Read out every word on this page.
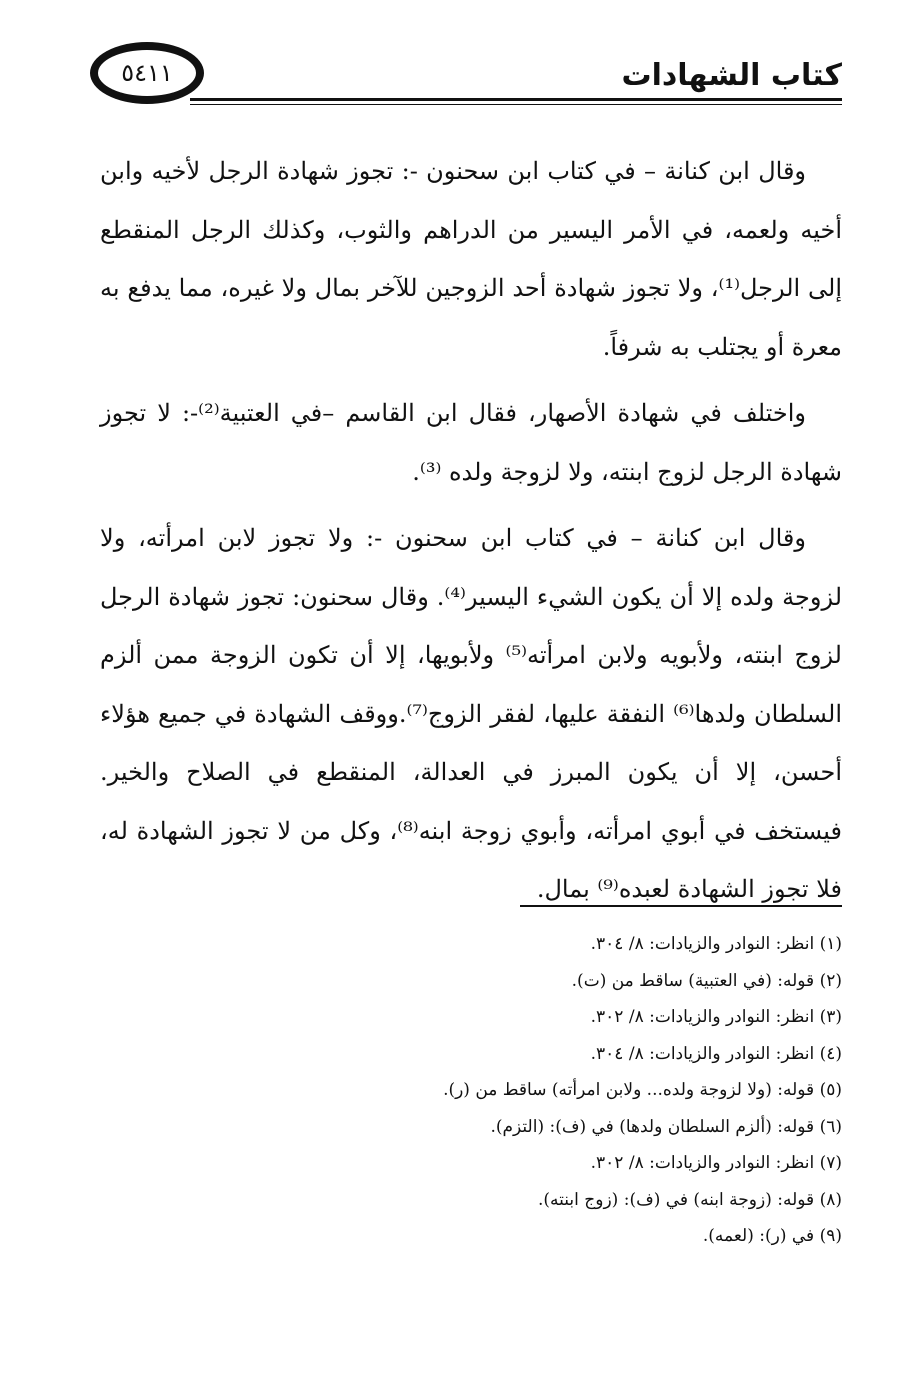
كتاب الشهادات
٥٤١١

وقال ابن كنانة – في كتاب ابن سحنون -: تجوز شهادة الرجل لأخيه وابن أخيه ولعمه، في الأمر اليسير من الدراهم والثوب، وكذلك الرجل المنقطع إلى الرجل⁽¹⁾، ولا تجوز شهادة أحد الزوجين للآخر بمال ولا غيره، مما يدفع به معرة أو يجتلب به شرفاً.

واختلف في شهادة الأصهار، فقال ابن القاسم –في العتبية⁽²⁾-: لا تجوز شهادة الرجل لزوج ابنته، ولا لزوجة ولده ⁽³⁾.

وقال ابن كنانة – في كتاب ابن سحنون -: ولا تجوز لابن امرأته، ولا لزوجة ولده إلا أن يكون الشيء اليسير⁽⁴⁾. وقال سحنون: تجوز شهادة الرجل لزوج ابنته، ولأبويه ولابن امرأته⁽⁵⁾ ولأبويها، إلا أن تكون الزوجة ممن ألزم السلطان ولدها⁽⁶⁾ النفقة عليها، لفقر الزوج⁽⁷⁾.ووقف الشهادة في جميع هؤلاء أحسن، إلا أن يكون المبرز في العدالة، المنقطع في الصلاح والخير. فيستخف في أبوي امرأته، وأبوي زوجة ابنه⁽⁸⁾، وكل من لا تجوز الشهادة له، فلا تجوز الشهادة لعبده⁽⁹⁾ بمال.

(١) انظر: النوادر والزيادات: ٨/ ٣٠٤.
(٢) قوله: (في العتبية) ساقط من (ت).
(٣) انظر: النوادر والزيادات: ٨/ ٣٠٢.
(٤) انظر: النوادر والزيادات: ٨/ ٣٠٤.
(٥) قوله: (ولا لزوجة ولده... ولابن امرأته) ساقط من (ر).
(٦) قوله: (ألزم السلطان ولدها) في (ف): (التزم).
(٧) انظر: النوادر والزيادات: ٨/ ٣٠٢.
(٨) قوله: (زوجة ابنه) في (ف): (زوج ابنته).
(٩) في (ر): (لعمه).
